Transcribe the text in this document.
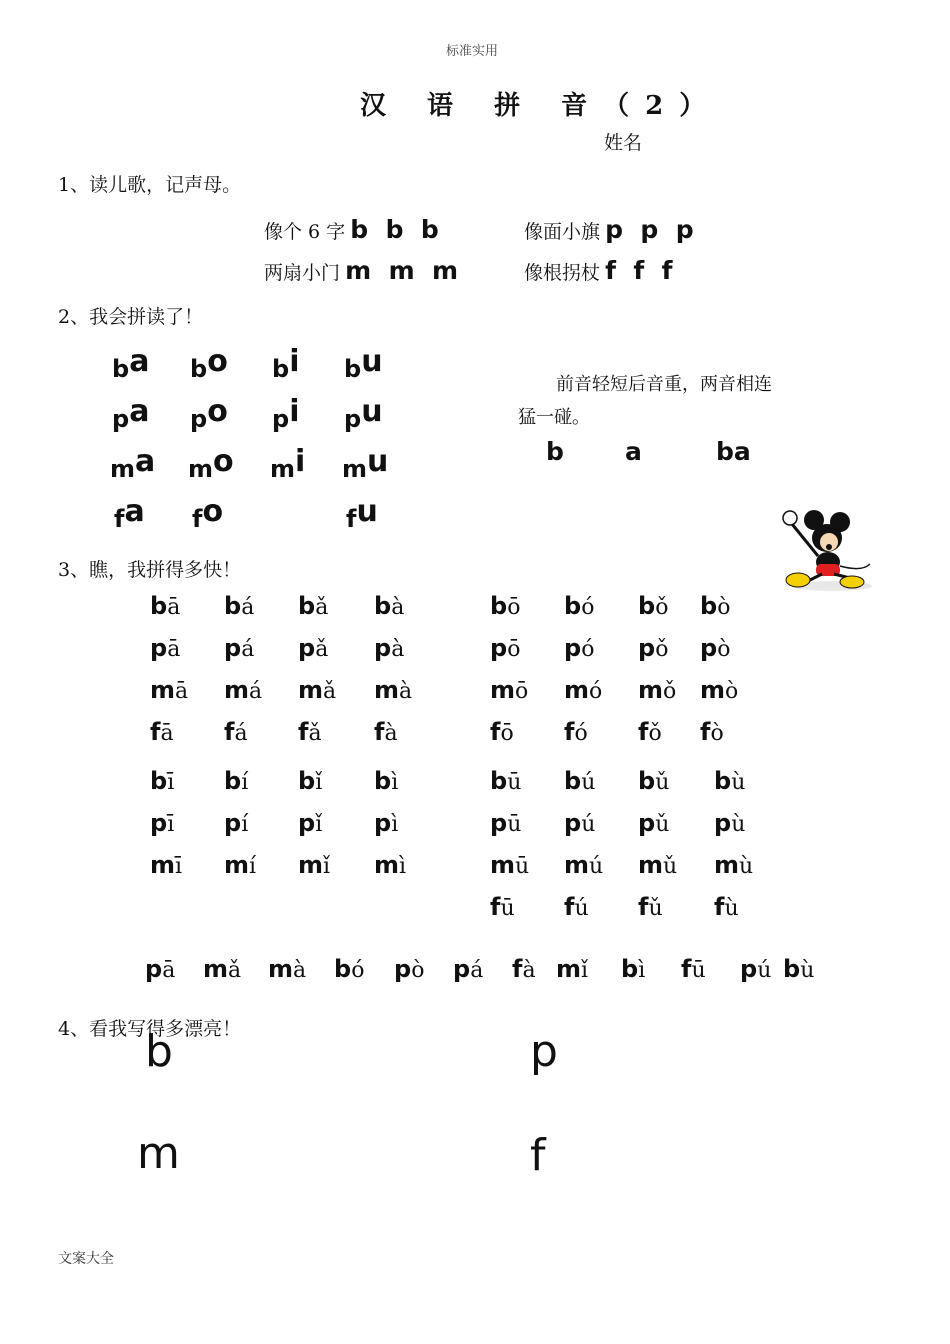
标准实用
汉 语 拼 音（2）
姓名
1、读儿歌，记声母。
像个 6 字 b  b  b	像面小旗 p  p  p
两扇小门 m  m  m	像根拐杖 f  f  f
2、我会拼读了！
ba bo bi bu
pa po pi pu
ma mo mi mu
fa fo	fu
前音轻短后音重，两音相连
猛一碰。
b a	ba
3、瞧，我拼得多快！
bā bá bǎ bà
pā pá pǎ pà
mā má mǎ mà
fā fá fǎ fà
bō bó bǒ bò
pō pó pǒ pò
mō mó mǒ mò
fō fó fǒ fò
bī bí bǐ bì
pī pí pǐ pì
mī mí mǐ mì
bū bú bǔ bù
pū pú pǔ pù
mū mú mǔ mù
fū fú fǔ fù
pā mǎ mà bó pò pá fà mǐ bì fū pú bù
4、看我写得多漂亮！
b	p
m	f
文案大全
